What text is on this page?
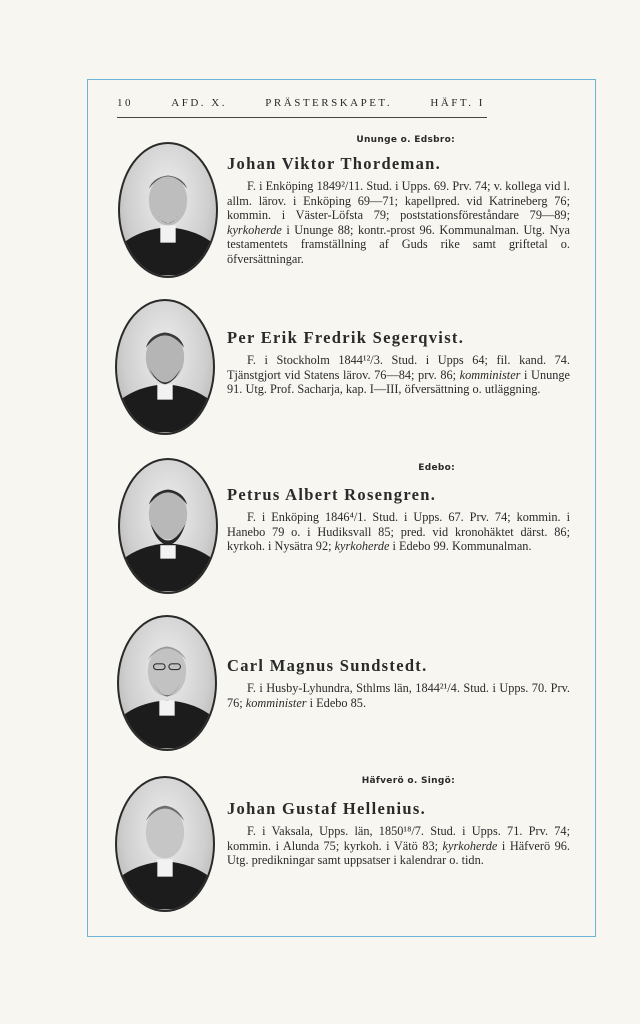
10	AFD. X.	PRÄSTERSKAPET.	HÄFT. I
Ununge o. Edsbro:
Edebo:
Häfverö o. Singö:
Johan Viktor Thordeman.

F. i Enköping 1849²/11. Stud. i Upps. 69. Prv. 74; v. kollega vid l. allm. lärov. i Enköping 69—71; kapellpred. vid Katrineberg 76; kommin. i Väster-Löfsta 79; poststationsföreståndare 79—89; kyrkoherde i Ununge 88; kontr.-prost 96. Kommunalman. Utg. Nya testamentets framställning af Guds rike samt griftetal o. öfversättningar.

Per Erik Fredrik Segerqvist.

F. i Stockholm 1844¹²/3. Stud. i Upps 64; fil. kand. 74. Tjänstgjort vid Statens lärov. 76—84; prv. 86; komminister i Ununge 91. Utg. Prof. Sacharja, kap. I—III, öfversättning o. utläggning.

Petrus Albert Rosengren.

F. i Enköping 1846⁴/1. Stud. i Upps. 67. Prv. 74; kommin. i Hanebo 79 o. i Hudiksvall 85; pred. vid kronohäktet därst. 86; kyrkoh. i Nysätra 92; kyrkoherde i Edebo 99. Kommunalman.

Carl Magnus Sundstedt.

F. i Husby-Lyhundra, Sthlms län, 1844²¹/4. Stud. i Upps. 70. Prv. 76; komminister i Edebo 85.

Johan Gustaf Hellenius.

F. i Vaksala, Upps. län, 1850¹⁸/7. Stud. i Upps. 71. Prv. 74; kommin. i Alunda 75; kyrkoh. i Vätö 83; kyrkoherde i Häfverö 96. Utg. predikningar samt uppsatser i kalendrar o. tidn.
